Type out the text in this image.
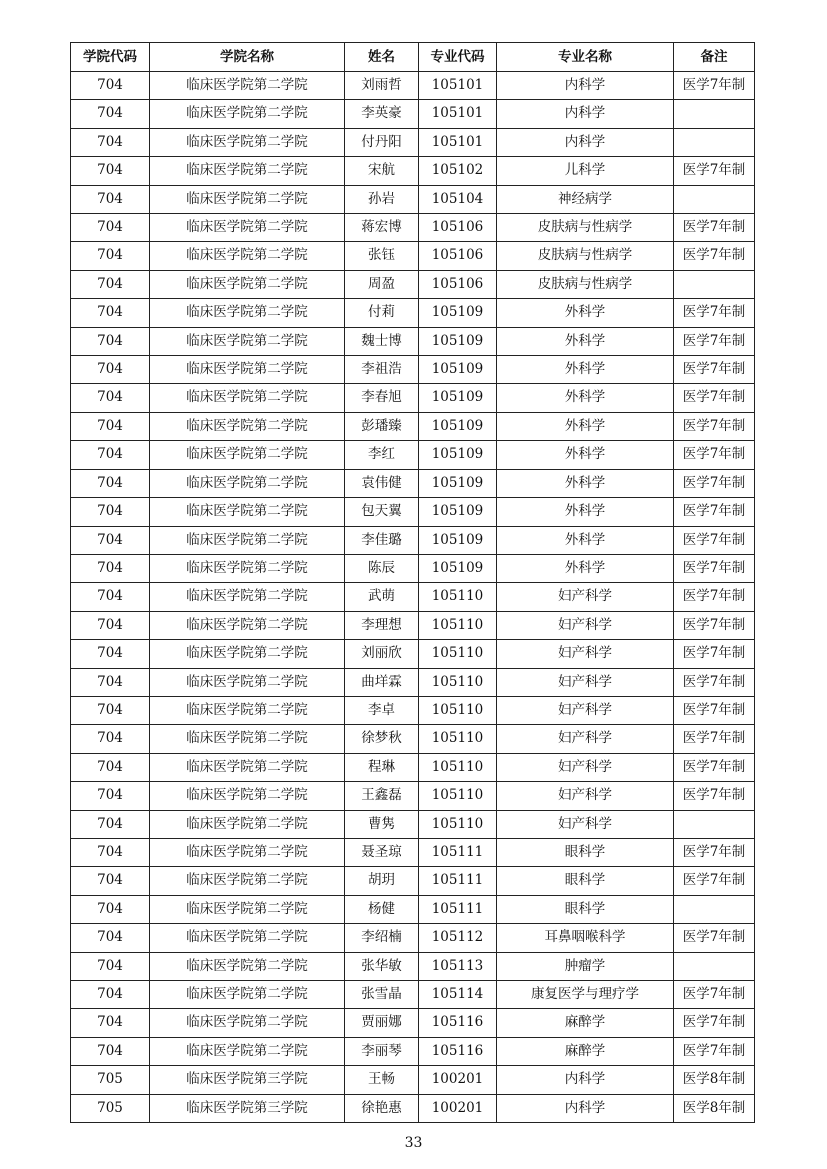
学院代码	学院名称	姓名	专业代码	专业名称	备注
704	临床医学院第二学院	刘雨哲	105101	内科学	医学7年制
704	临床医学院第二学院	李英豪	105101	内科学	
704	临床医学院第二学院	付丹阳	105101	内科学	
704	临床医学院第二学院	宋航	105102	儿科学	医学7年制
704	临床医学院第二学院	孙岩	105104	神经病学	
704	临床医学院第二学院	蒋宏博	105106	皮肤病与性病学	医学7年制
704	临床医学院第二学院	张钰	105106	皮肤病与性病学	医学7年制
704	临床医学院第二学院	周盈	105106	皮肤病与性病学	
704	临床医学院第二学院	付莉	105109	外科学	医学7年制
704	临床医学院第二学院	魏士博	105109	外科学	医学7年制
704	临床医学院第二学院	李祖浩	105109	外科学	医学7年制
704	临床医学院第二学院	李春旭	105109	外科学	医学7年制
704	临床医学院第二学院	彭璠臻	105109	外科学	医学7年制
704	临床医学院第二学院	李红	105109	外科学	医学7年制
704	临床医学院第二学院	袁伟健	105109	外科学	医学7年制
704	临床医学院第二学院	包天翼	105109	外科学	医学7年制
704	临床医学院第二学院	李佳璐	105109	外科学	医学7年制
704	临床医学院第二学院	陈辰	105109	外科学	医学7年制
704	临床医学院第二学院	武萌	105110	妇产科学	医学7年制
704	临床医学院第二学院	李理想	105110	妇产科学	医学7年制
704	临床医学院第二学院	刘丽欣	105110	妇产科学	医学7年制
704	临床医学院第二学院	曲垟霖	105110	妇产科学	医学7年制
704	临床医学院第二学院	李卓	105110	妇产科学	医学7年制
704	临床医学院第二学院	徐梦秋	105110	妇产科学	医学7年制
704	临床医学院第二学院	程琳	105110	妇产科学	医学7年制
704	临床医学院第二学院	王鑫磊	105110	妇产科学	医学7年制
704	临床医学院第二学院	曹隽	105110	妇产科学	
704	临床医学院第二学院	聂圣琼	105111	眼科学	医学7年制
704	临床医学院第二学院	胡玥	105111	眼科学	医学7年制
704	临床医学院第二学院	杨健	105111	眼科学	
704	临床医学院第二学院	李绍楠	105112	耳鼻咽喉科学	医学7年制
704	临床医学院第二学院	张华敏	105113	肿瘤学	
704	临床医学院第二学院	张雪晶	105114	康复医学与理疗学	医学7年制
704	临床医学院第二学院	贾丽娜	105116	麻醉学	医学7年制
704	临床医学院第二学院	李丽琴	105116	麻醉学	医学7年制
705	临床医学院第三学院	王畅	100201	内科学	医学8年制
705	临床医学院第三学院	徐艳惠	100201	内科学	医学8年制
33
